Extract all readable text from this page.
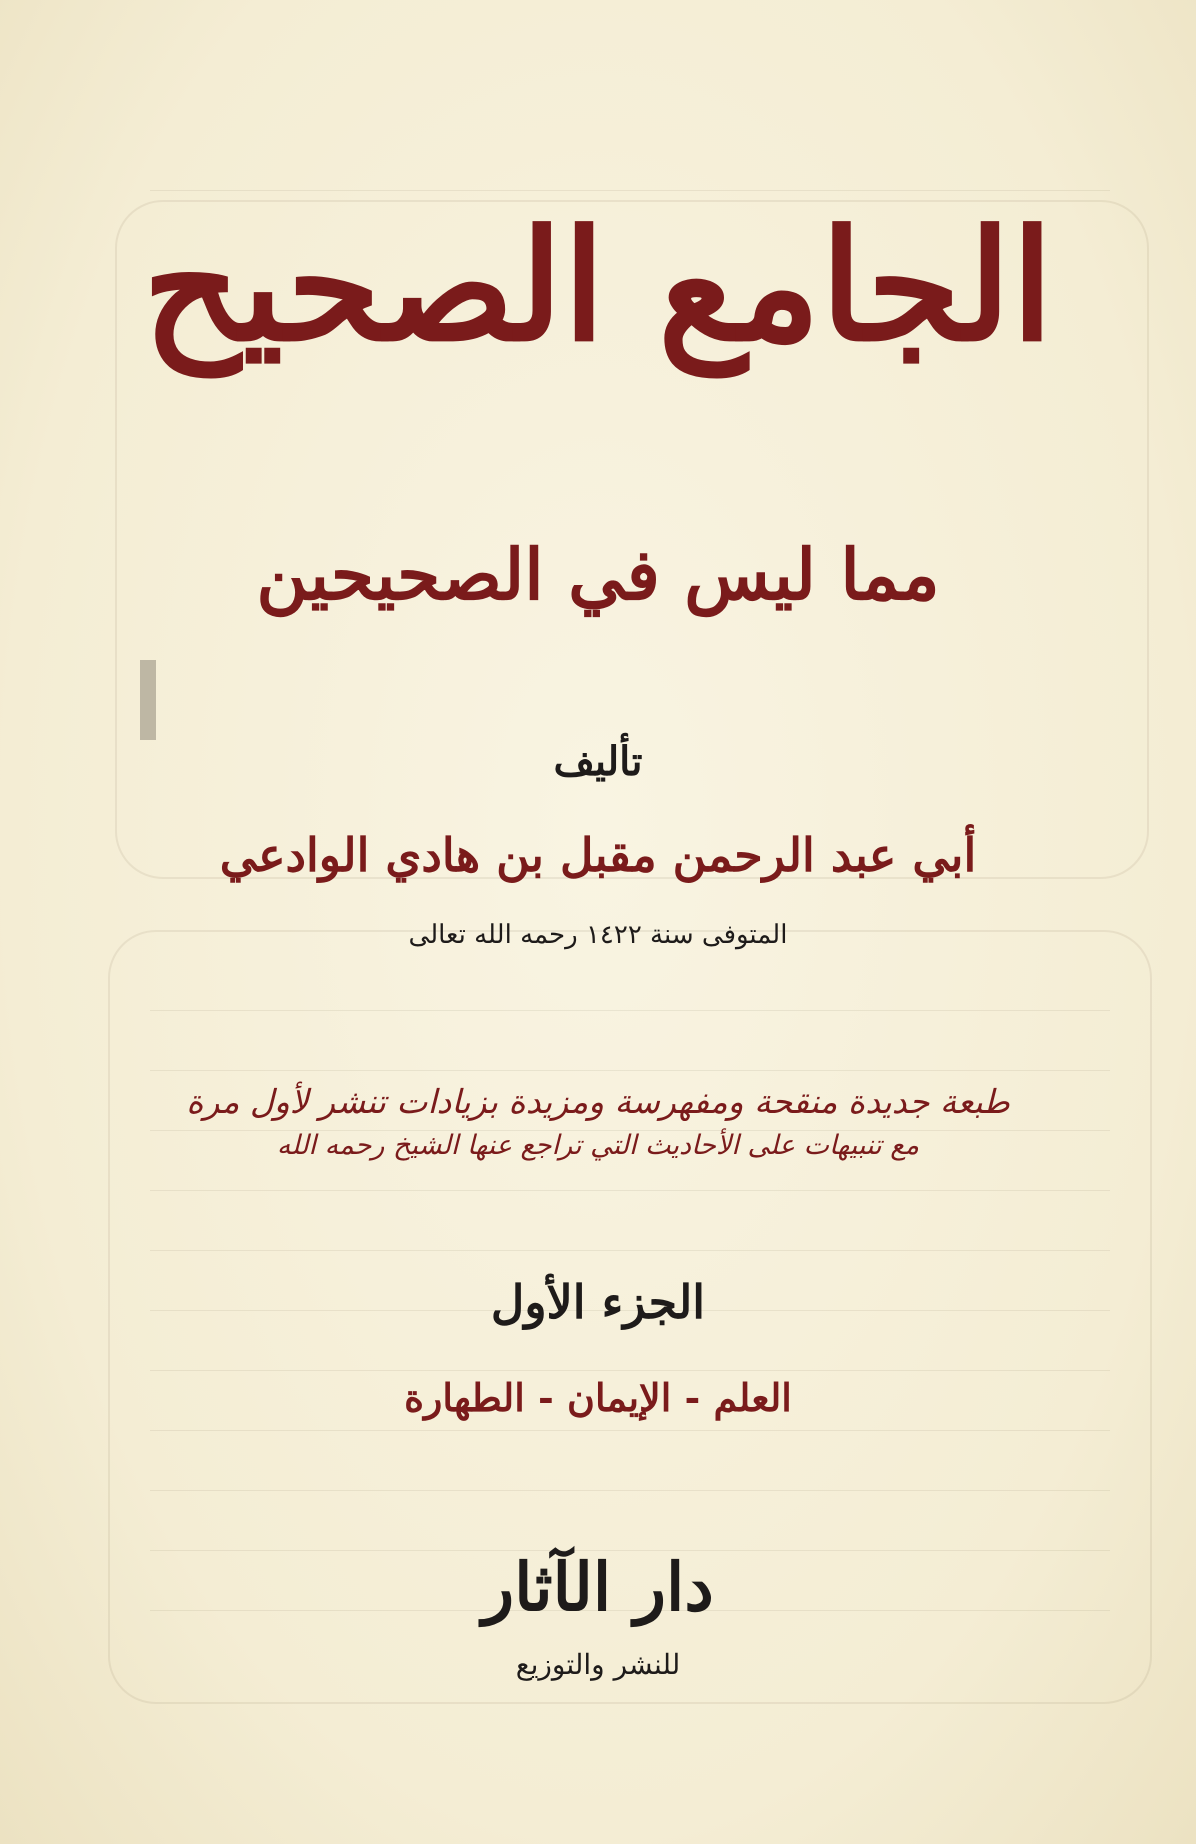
الجامع الصحيح
مما ليس في الصحيحين
تأليف
أبي عبد الرحمن مقبل بن هادي الوادعي
المتوفى سنة ١٤٢٢ رحمه الله تعالى
طبعة جديدة منقحة ومفهرسة ومزيدة بزيادات تنشر لأول مرة
مع تنبيهات على الأحاديث التي تراجع عنها الشيخ رحمه الله
الجزء الأول
العلم - الإيمان - الطهارة
دار الآثار
للنشر والتوزيع
